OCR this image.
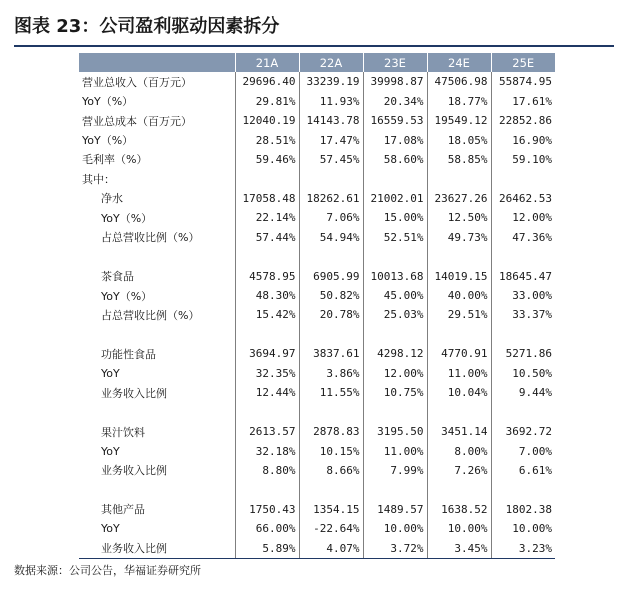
图表 23：公司盈利驱动因素拆分
	21A	22A	23E	24E	25E
营业总收入（百万元）	29696.40	33239.19	39998.87	47506.98	55874.95
YoY（%）	29.81%	11.93%	20.34%	18.77%	17.61%
营业总成本（百万元）	12040.19	14143.78	16559.53	19549.12	22852.86
YoY（%）	28.51%	17.47%	17.08%	18.05%	16.90%
毛利率（%）	59.46%	57.45%	58.60%	58.85%	59.10%
其中：					
净水	17058.48	18262.61	21002.01	23627.26	26462.53
YoY（%）	22.14%	7.06%	15.00%	12.50%	12.00%
占总营收比例（%）	57.44%	54.94%	52.51%	49.73%	47.36%

茶食品	4578.95	6905.99	10013.68	14019.15	18645.47
YoY（%）	48.30%	50.82%	45.00%	40.00%	33.00%
占总营收比例（%）	15.42%	20.78%	25.03%	29.51%	33.37%

功能性食品	3694.97	3837.61	4298.12	4770.91	5271.86
YoY	32.35%	3.86%	12.00%	11.00%	10.50%
业务收入比例	12.44%	11.55%	10.75%	10.04%	9.44%

果汁饮料	2613.57	2878.83	3195.50	3451.14	3692.72
YoY	32.18%	10.15%	11.00%	8.00%	7.00%
业务收入比例	8.80%	8.66%	7.99%	7.26%	6.61%

其他产品	1750.43	1354.15	1489.57	1638.52	1802.38
YoY	66.00%	-22.64%	10.00%	10.00%	10.00%
业务收入比例	5.89%	4.07%	3.72%	3.45%	3.23%
数据来源：公司公告，华福证券研究所
